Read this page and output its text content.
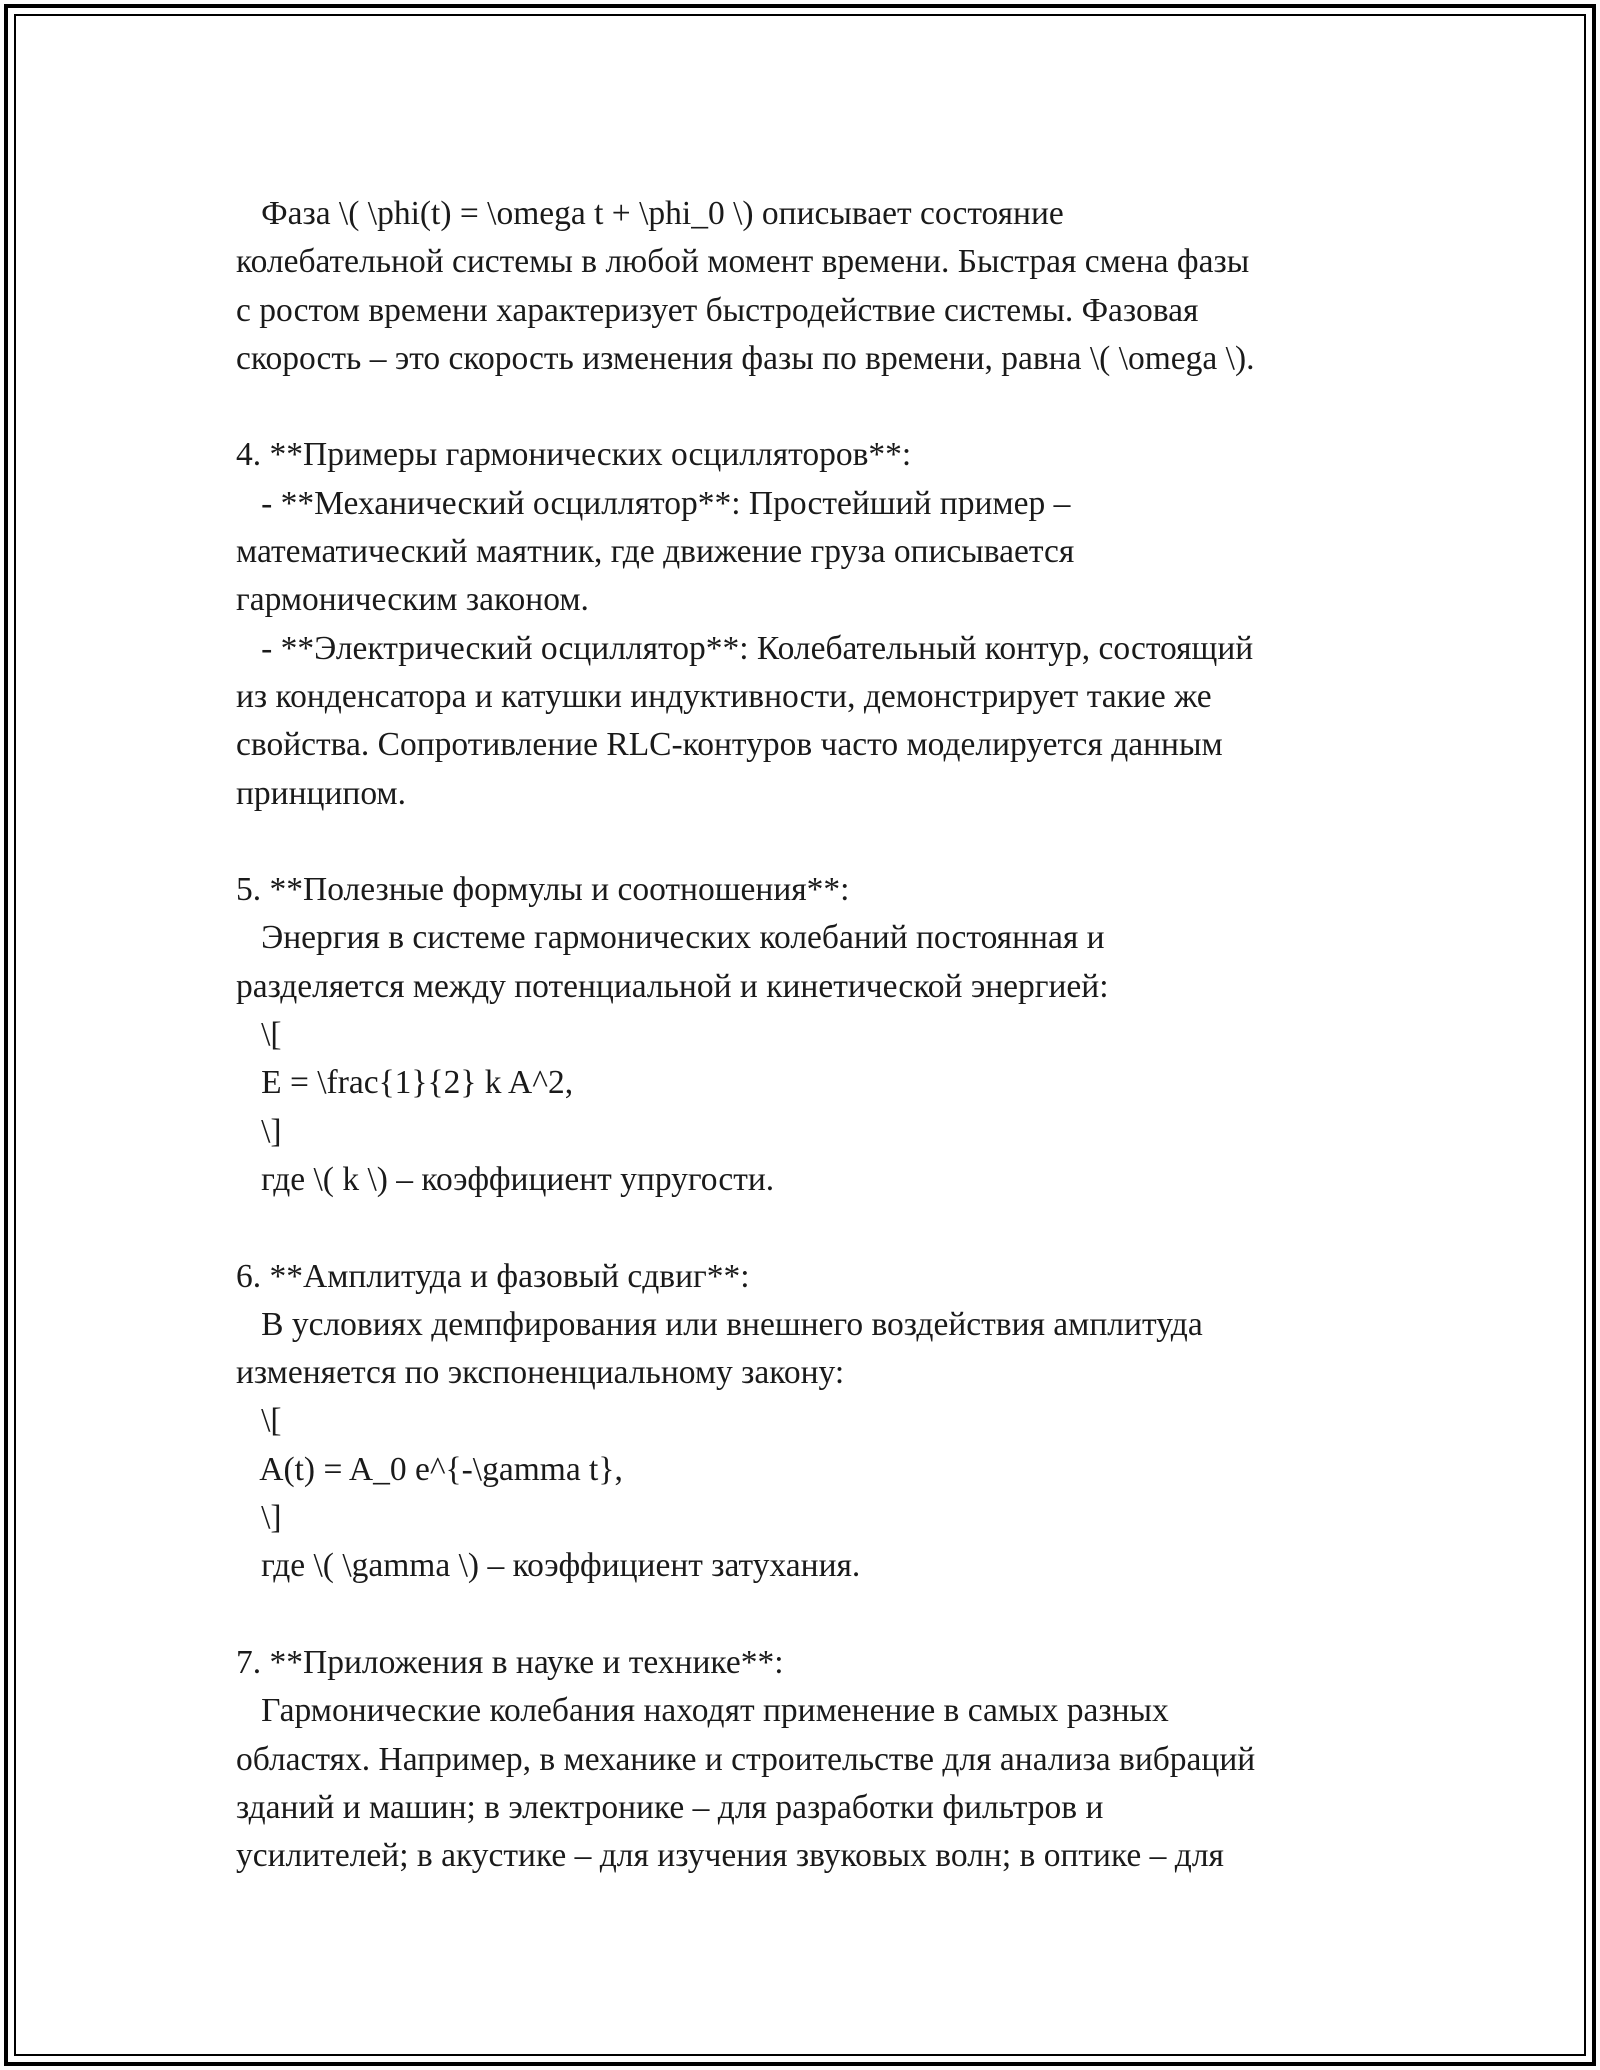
Фаза \( \phi(t) = \omega t + \phi_0 \) описывает состояние
колебательной системы в любой момент времени. Быстрая смена фазы
с ростом времени характеризует быстродействие системы. Фазовая
скорость – это скорость изменения фазы по времени, равна \( \omega \).
4. **Примеры гармонических осцилляторов**:
- **Механический осциллятор**: Простейший пример –
математический маятник, где движение груза описывается
гармоническим законом.
- **Электрический осциллятор**: Колебательный контур, состоящий
из конденсатора и катушки индуктивности, демонстрирует такие же
свойства. Сопротивление RLC-контуров часто моделируется данным
принципом.
5. **Полезные формулы и соотношения**:
Энергия в системе гармонических колебаний постоянная и
разделяется между потенциальной и кинетической энергией:
\[
E = \frac{1}{2} k A^2,
\]
где \( k \) – коэффициент упругости.
6. **Амплитуда и фазовый сдвиг**:
В условиях демпфирования или внешнего воздействия амплитуда
изменяется по экспоненциальному закону:
\[
A(t) = A_0 e^{-\gamma t},
\]
где \( \gamma \) – коэффициент затухания.
7. **Приложения в науке и технике**:
Гармонические колебания находят применение в самых разных
областях. Например, в механике и строительстве для анализа вибраций
зданий и машин; в электронике – для разработки фильтров и
усилителей; в акустике – для изучения звуковых волн; в оптике – для
